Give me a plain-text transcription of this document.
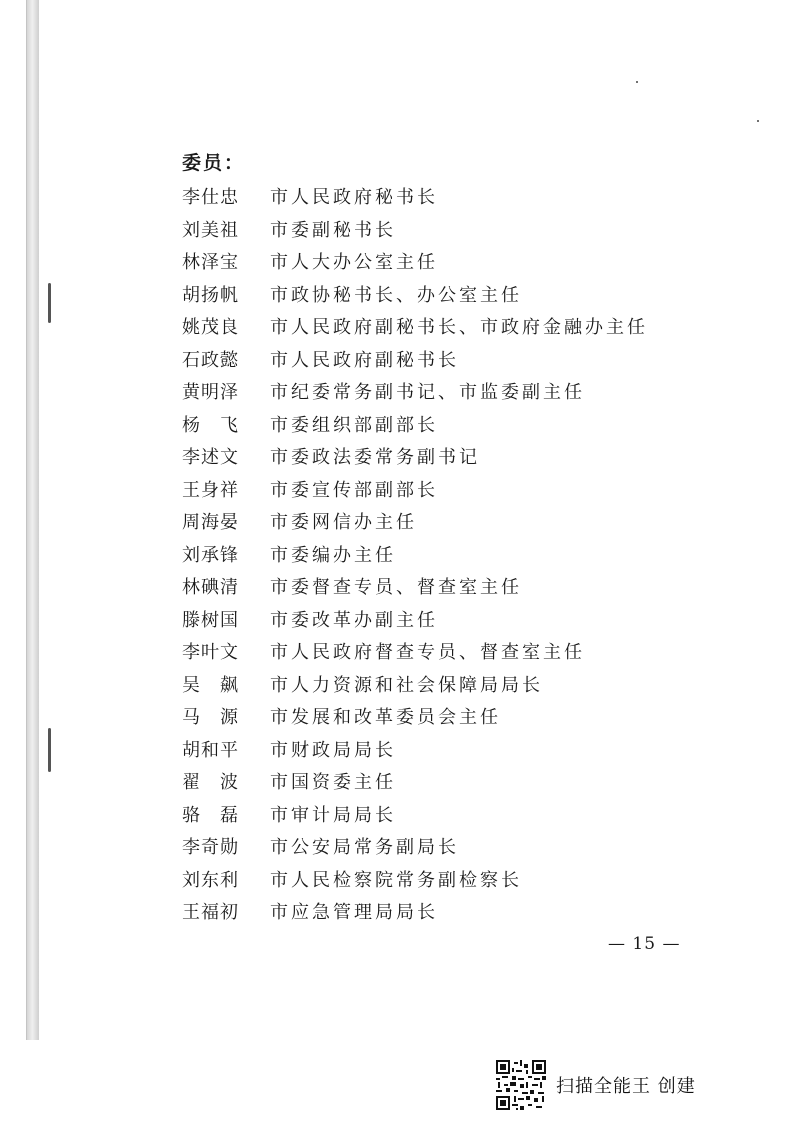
委员：
李仕忠	市人民政府秘书长
刘美祖	市委副秘书长
林泽宝	市人大办公室主任
胡扬帆	市政协秘书长、办公室主任
姚茂良	市人民政府副秘书长、市政府金融办主任
石政懿	市人民政府副秘书长
黄明泽	市纪委常务副书记、市监委副主任
杨　飞	市委组织部副部长
李述文	市委政法委常务副书记
王身祥	市委宣传部副部长
周海晏	市委网信办主任
刘承锋	市委编办主任
林碘清	市委督查专员、督查室主任
滕树国	市委改革办副主任
李叶文	市人民政府督查专员、督查室主任
吴　飙	市人力资源和社会保障局局长
马　源	市发展和改革委员会主任
胡和平	市财政局局长
翟　波	市国资委主任
骆　磊	市审计局局长
李奇勋	市公安局常务副局长
刘东利	市人民检察院常务副检察长
王福初	市应急管理局局长
— 15 —
扫描全能王 创建
